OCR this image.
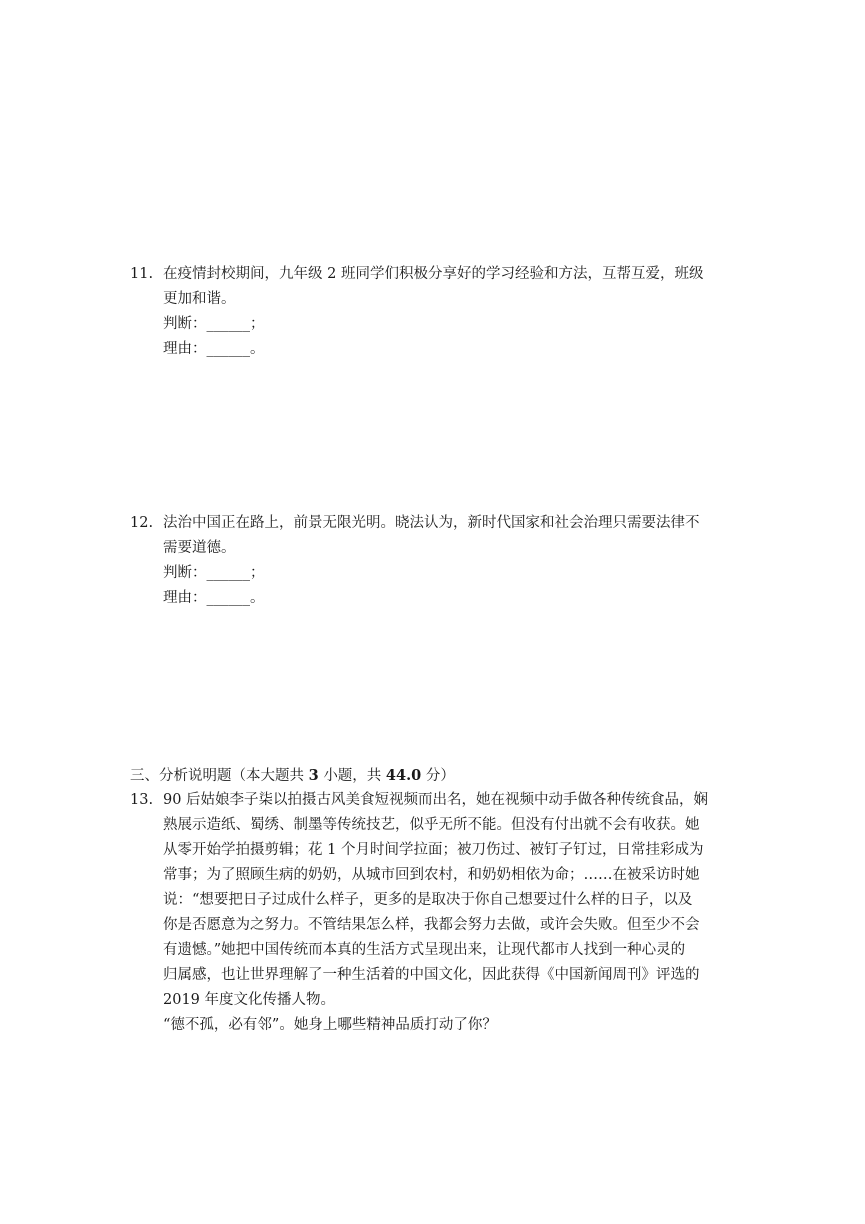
11. 在疫情封校期间，九年级 2 班同学们积极分享好的学习经验和方法，互帮互爱，班级
更加和谐。
判断：______；
理由：______。
12. 法治中国正在路上，前景无限光明。晓法认为，新时代国家和社会治理只需要法律不
需要道德。
判断：______；
理由：______。
三、分析说明题（本大题共 3 小题，共 44.0 分）
13. 90 后姑娘李子柒以拍摄古风美食短视频而出名，她在视频中动手做各种传统食品，娴
熟展示造纸、蜀绣、制墨等传统技艺，似乎无所不能。但没有付出就不会有收获。她
从零开始学拍摄剪辑；花 1 个月时间学拉面；被刀伤过、被钉子钉过，日常挂彩成为
常事；为了照顾生病的奶奶，从城市回到农村，和奶奶相依为命；……在被采访时她
说：“想要把日子过成什么样子，更多的是取决于你自己想要过什么样的日子，以及
你是否愿意为之努力。不管结果怎么样，我都会努力去做，或许会失败。但至少不会
有遗憾。”她把中国传统而本真的生活方式呈现出来，让现代都市人找到一种心灵的
归属感，也让世界理解了一种生活着的中国文化，因此获得《中国新闻周刊》评选的
2019 年度文化传播人物。
“德不孤，必有邻”。她身上哪些精神品质打动了你？
